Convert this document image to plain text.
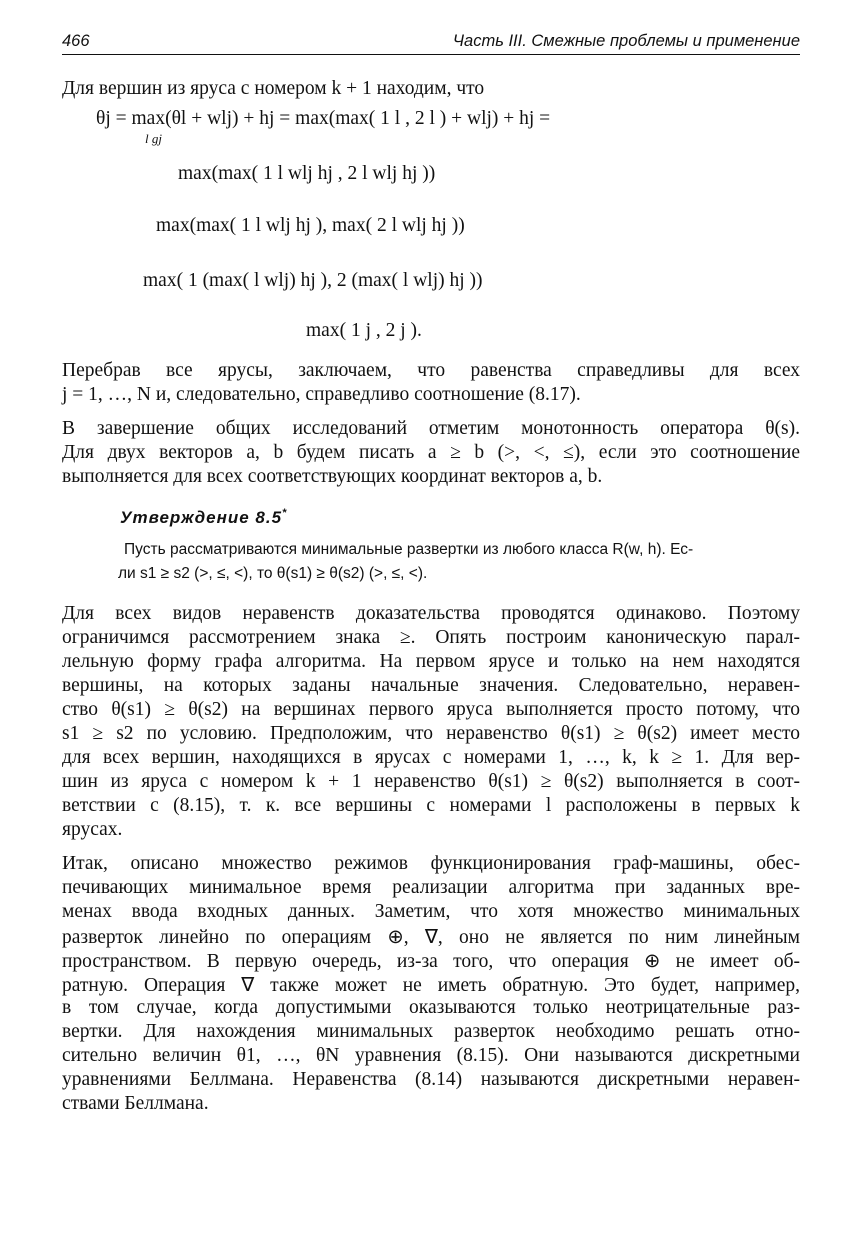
466	Часть III. Смежные проблемы и применение
Для вершин из яруса с номером k + 1 находим, что
θj = max(θl + wlj) + hj = max(max( 1 l , 2 l ) + wlj) + hj =
l gj
max(max( 1 l wlj hj , 2 l wlj hj ))
max(max( 1 l wlj hj ), max( 2 l wlj hj ))
max( 1 (max( l wlj) hj ), 2 (max( l wlj) hj ))
max( 1 j , 2 j ).
Перебрав все ярусы, заключаем, что равенства справедливы для всех
j = 1, …, N и, следовательно, справедливо соотношение (8.17).
В завершение общих исследований отметим монотонность оператора θ(s).
Для двух векторов a, b будем писать a ≥ b (>, <, ≤), если это соотношение
выполняется для всех соответствующих координат векторов a, b.
Утверждение 8.5*
Пусть рассматриваются минимальные развертки из любого класса R(w, h). Ес-
ли s1 ≥ s2 (>, ≤, <), то θ(s1) ≥ θ(s2) (>, ≤, <).
Для всех видов неравенств доказательства проводятся одинаково. Поэтому
ограничимся рассмотрением знака ≥. Опять построим каноническую парал-
лельную форму графа алгоритма. На первом ярусе и только на нем находятся
вершины, на которых заданы начальные значения. Следовательно, неравен-
ство θ(s1) ≥ θ(s2) на вершинах первого яруса выполняется просто потому, что
s1 ≥ s2 по условию. Предположим, что неравенство θ(s1) ≥ θ(s2) имеет место
для всех вершин, находящихся в ярусах с номерами 1, …, k, k ≥ 1. Для вер-
шин из яруса с номером k + 1 неравенство θ(s1) ≥ θ(s2) выполняется в соот-
ветствии с (8.15), т. к. все вершины с номерами l расположены в первых k
ярусах.
Итак, описано множество режимов функционирования граф-машины, обес-
печивающих минимальное время реализации алгоритма при заданных вре-
менах ввода входных данных. Заметим, что хотя множество минимальных
разверток линейно по операциям ⊕, ∇, оно не является по ним линейным
пространством. В первую очередь, из-за того, что операция ⊕ не имеет об-
ратную. Операция ∇ также может не иметь обратную. Это будет, например,
в том случае, когда допустимыми оказываются только неотрицательные раз-
вертки. Для нахождения минимальных разверток необходимо решать отно-
сительно величин θ1, …, θN уравнения (8.15). Они называются дискретными
уравнениями Беллмана. Неравенства (8.14) называются дискретными нерaвен-
ствами Беллмана.
